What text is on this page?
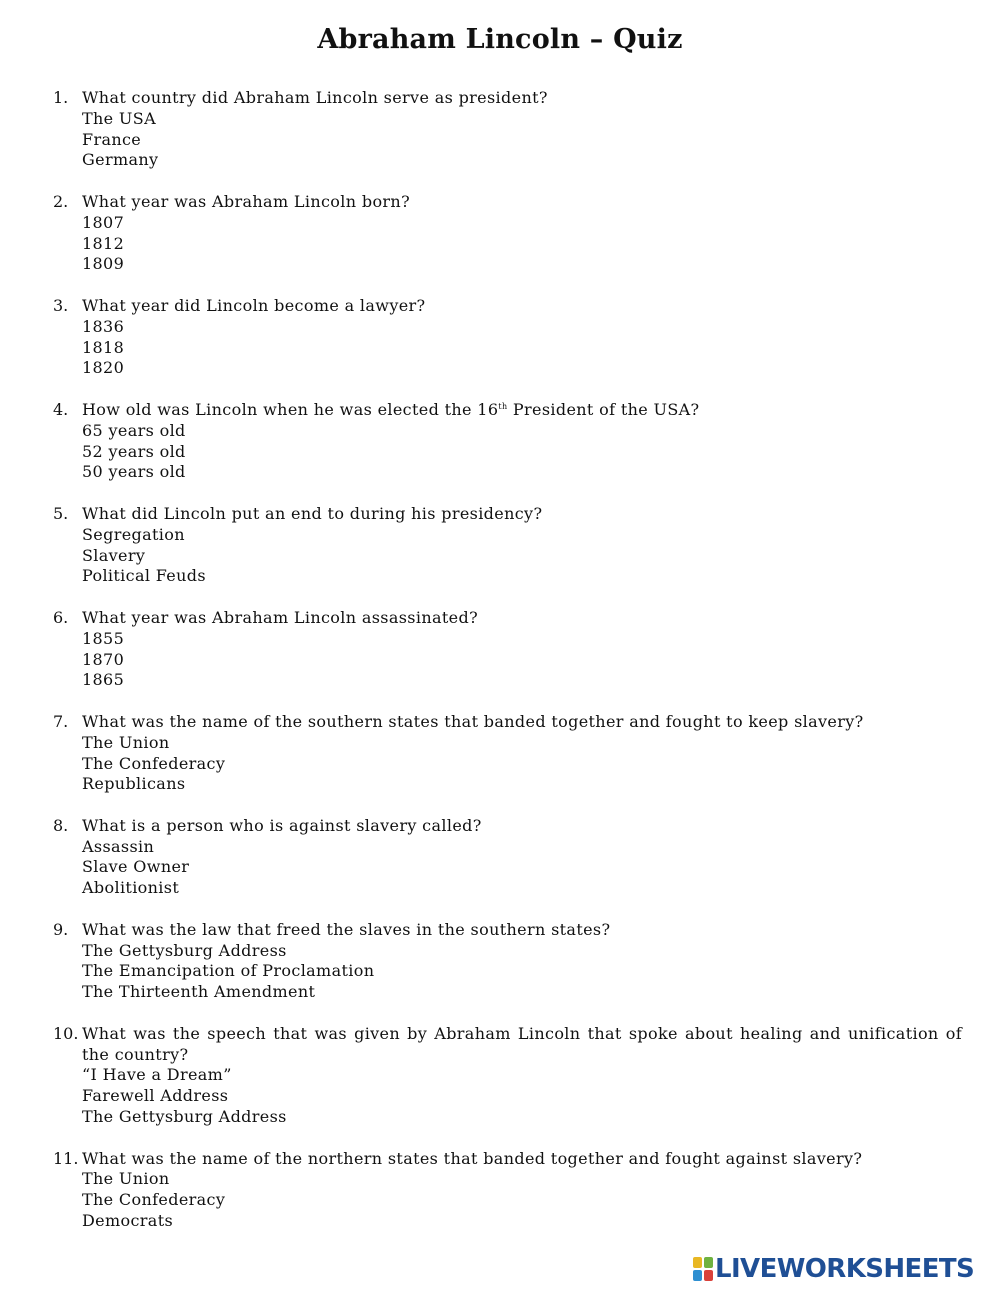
Abraham Lincoln – Quiz
1. What country did Abraham Lincoln serve as president?
The USA
France
Germany
2. What year was Abraham Lincoln born?
1807
1812
1809
3. What year did Lincoln become a lawyer?
1836
1818
1820
4. How old was Lincoln when he was elected the 16th President of the USA?
65 years old
52 years old
50 years old
5. What did Lincoln put an end to during his presidency?
Segregation
Slavery
Political Feuds
6. What year was Abraham Lincoln assassinated?
1855
1870
1865
7. What was the name of the southern states that banded together and fought to keep slavery?
The Union
The Confederacy
Republicans
8. What is a person who is against slavery called?
Assassin
Slave Owner
Abolitionist
9. What was the law that freed the slaves in the southern states?
The Gettysburg Address
The Emancipation of Proclamation
The Thirteenth Amendment
10. What was the speech that was given by Abraham Lincoln that spoke about healing and unification of the country?
“I Have a Dream”
Farewell Address
The Gettysburg Address
11. What was the name of the northern states that banded together and fought against slavery?
The Union
The Confederacy
Democrats
LIVEWORKSHEETS
